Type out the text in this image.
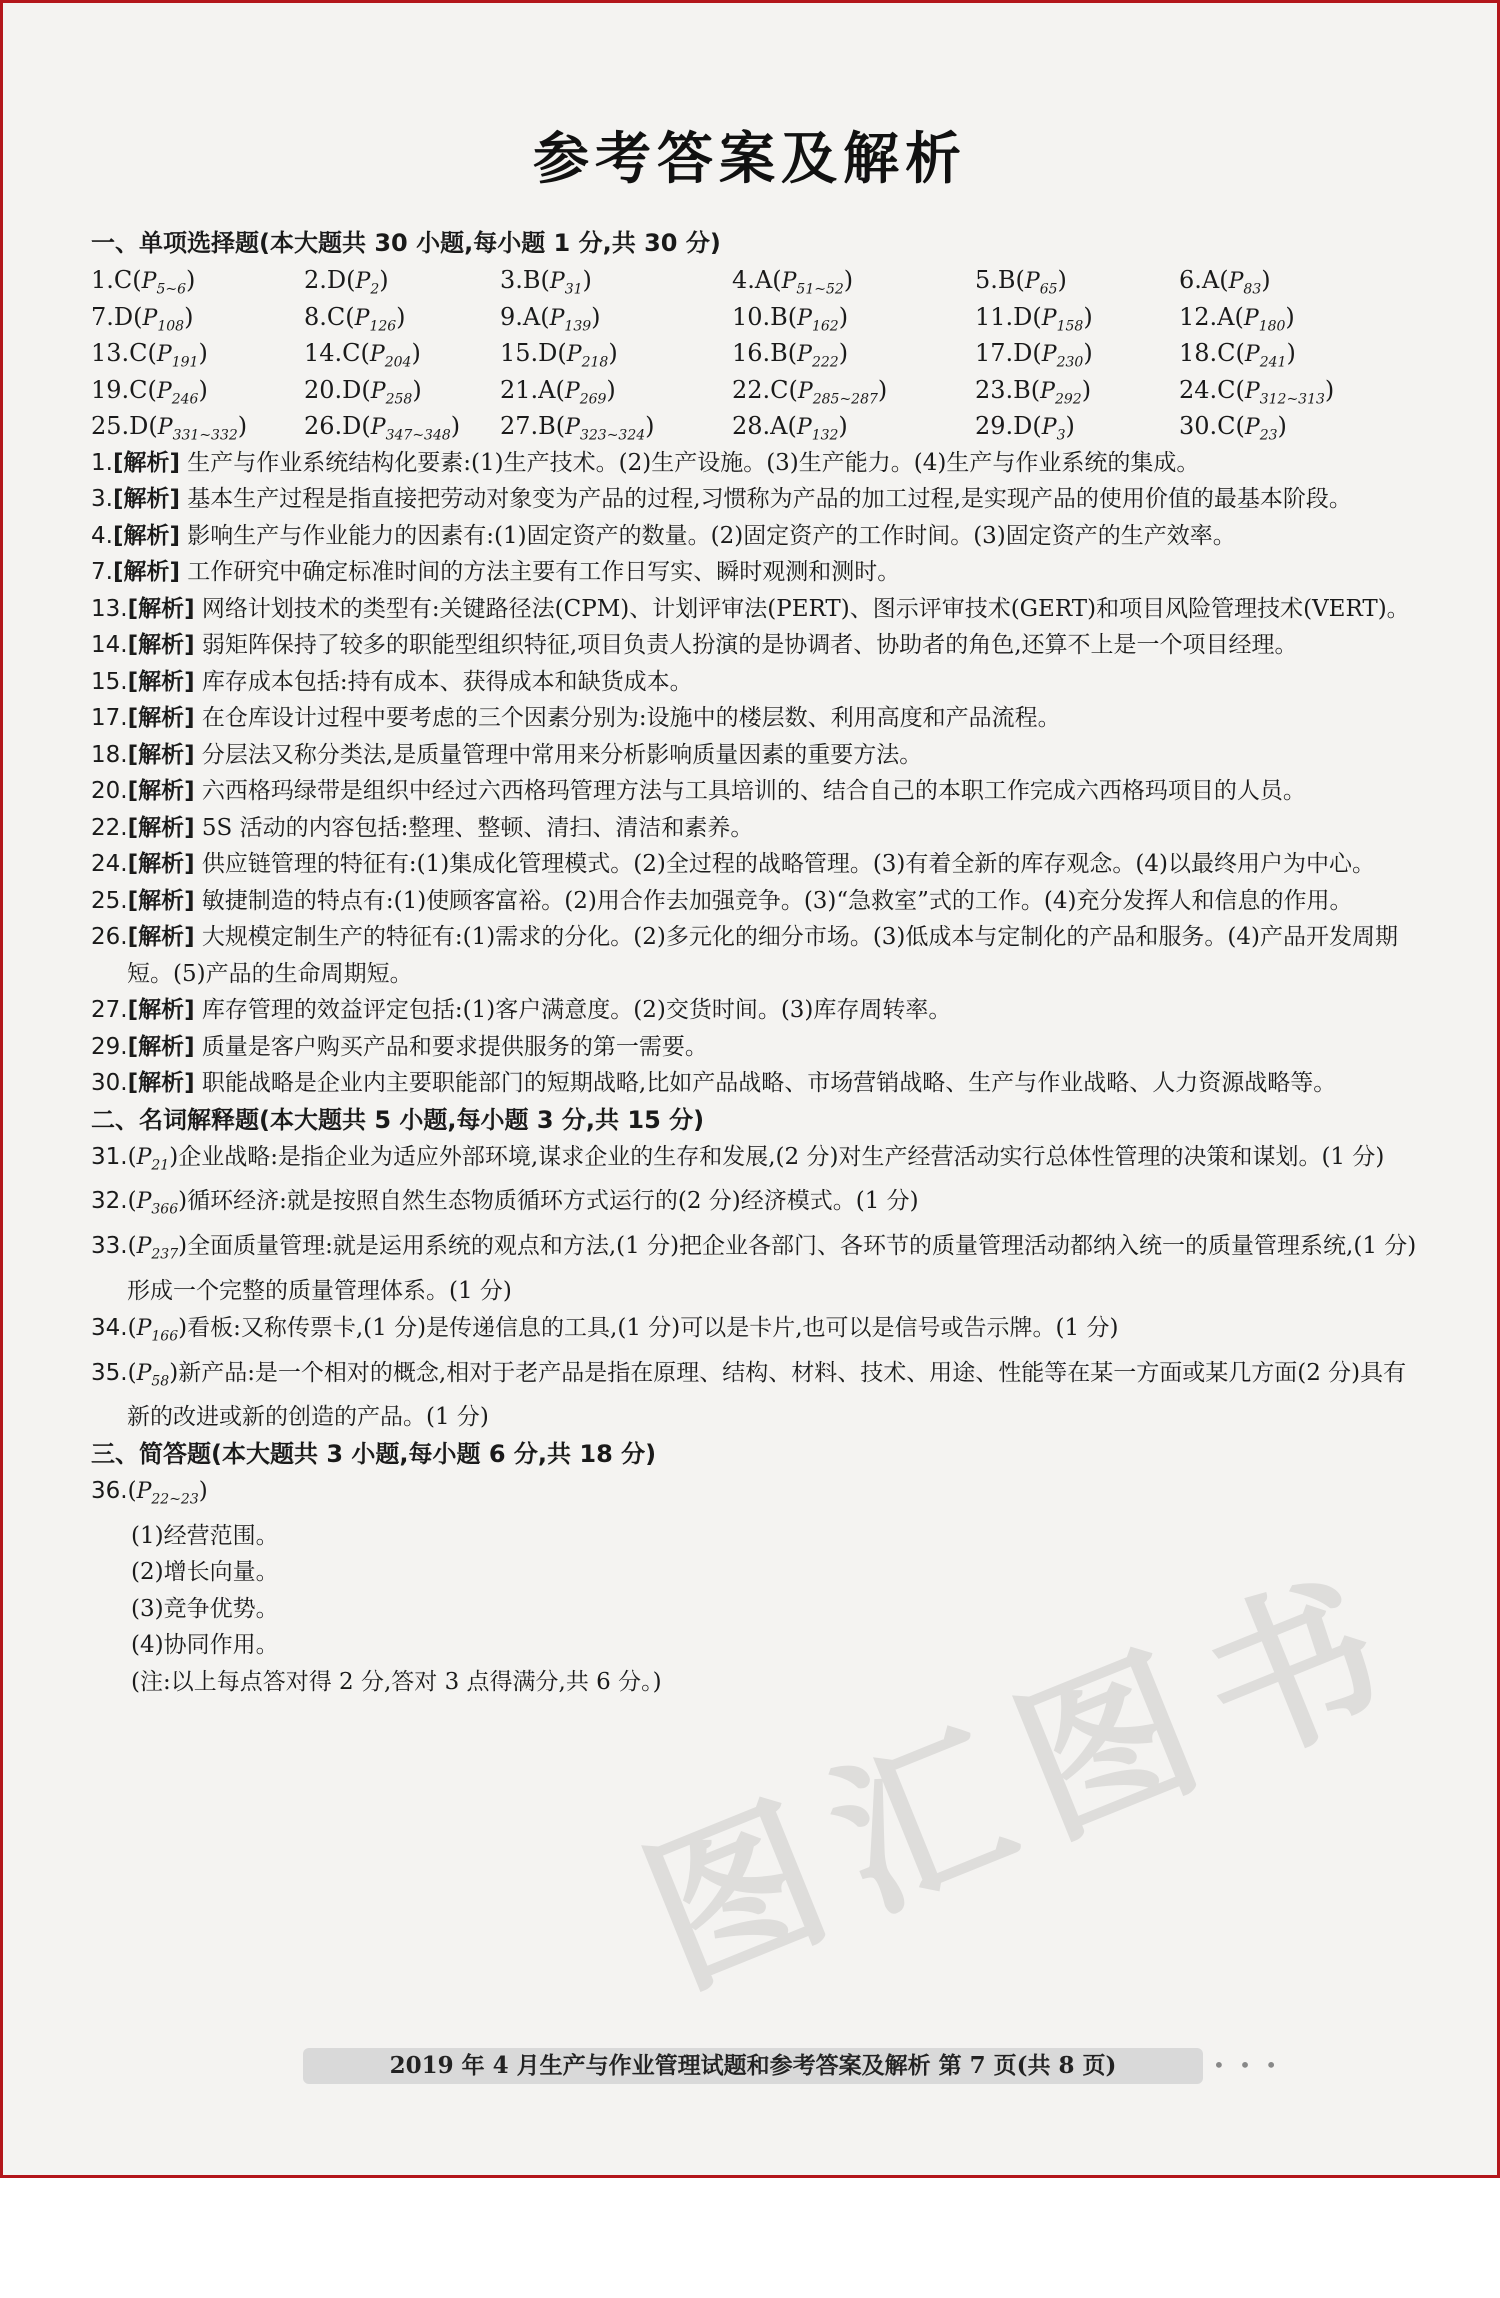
参考答案及解析
一、单项选择题(本大题共 30 小题,每小题 1 分,共 30 分)
$1.C(P_{5\sim 6})$	$2.D(P_2)$	$3.B(P_{31})$	$4.A(P_{51\sim 52})$	$5.B(P_{65})$	$6.A(P_{83})$
$7.D(P_{108})$	$8.C(P_{126})$	$9.A(P_{139})$	$10.B(P_{162})$	$11.D(P_{158})$	$12.A(P_{180})$
$13.C(P_{191})$	$14.C(P_{204})$	$15.D(P_{218})$	$16.B(P_{222})$	$17.D(P_{230})$	$18.C(P_{241})$
$19.C(P_{246})$	$20.D(P_{258})$	$21.A(P_{269})$	$22.C(P_{285\sim 287})$	$23.B(P_{292})$	$24.C(P_{312\sim 313})$
$25.D(P_{331\sim 332})$	$26.D(P_{347\sim 348})$	$27.B(P_{323\sim 324})$	$28.A(P_{132})$	$29.D(P_3)$	$30.C(P_{23})$
1.[解析] 生产与作业系统结构化要素:(1)生产技术。(2)生产设施。(3)生产能力。(4)生产与作业系统的集成。
3.[解析] 基本生产过程是指直接把劳动对象变为产品的过程,习惯称为产品的加工过程,是实现产品的使用价值的最基本阶段。
4.[解析] 影响生产与作业能力的因素有:(1)固定资产的数量。(2)固定资产的工作时间。(3)固定资产的生产效率。
7.[解析] 工作研究中确定标准时间的方法主要有工作日写实、瞬时观测和测时。
13.[解析] 网络计划技术的类型有:关键路径法(CPM)、计划评审法(PERT)、图示评审技术(GERT)和项目风险管理技术(VERT)。
14.[解析] 弱矩阵保持了较多的职能型组织特征,项目负责人扮演的是协调者、协助者的角色,还算不上是一个项目经理。
15.[解析] 库存成本包括:持有成本、获得成本和缺货成本。
17.[解析] 在仓库设计过程中要考虑的三个因素分别为:设施中的楼层数、利用高度和产品流程。
18.[解析] 分层法又称分类法,是质量管理中常用来分析影响质量因素的重要方法。
20.[解析] 六西格玛绿带是组织中经过六西格玛管理方法与工具培训的、结合自己的本职工作完成六西格玛项目的人员。
22.[解析] 5S 活动的内容包括:整理、整顿、清扫、清洁和素养。
24.[解析] 供应链管理的特征有:(1)集成化管理模式。(2)全过程的战略管理。(3)有着全新的库存观念。(4)以最终用户为中心。
25.[解析] 敏捷制造的特点有:(1)使顾客富裕。(2)用合作去加强竞争。(3)“急救室”式的工作。(4)充分发挥人和信息的作用。
26.[解析] 大规模定制生产的特征有:(1)需求的分化。(2)多元化的细分市场。(3)低成本与定制化的产品和服务。(4)产品开发周期短。(5)产品的生命周期短。
27.[解析] 库存管理的效益评定包括:(1)客户满意度。(2)交货时间。(3)库存周转率。
29.[解析] 质量是客户购买产品和要求提供服务的第一需要。
30.[解析] 职能战略是企业内主要职能部门的短期战略,比如产品战略、市场营销战略、生产与作业战略、人力资源战略等。
二、名词解释题(本大题共 5 小题,每小题 3 分,共 15 分)
$31.(P_{21})$企业战略:是指企业为适应外部环境,谋求企业的生存和发展,(2 分)对生产经营活动实行总体性管理的决策和谋划。(1 分)
$32.(P_{366})$循环经济:就是按照自然生态物质循环方式运行的(2 分)经济模式。(1 分)
$33.(P_{237})$全面质量管理:就是运用系统的观点和方法,(1 分)把企业各部门、各环节的质量管理活动都纳入统一的质量管理系统,(1 分)形成一个完整的质量管理体系。(1 分)
$34.(P_{166})$看板:又称传票卡,(1 分)是传递信息的工具,(1 分)可以是卡片,也可以是信号或告示牌。(1 分)
$35.(P_{58})$新产品:是一个相对的概念,相对于老产品是指在原理、结构、材料、技术、用途、性能等在某一方面或某几方面(2 分)具有新的改进或新的创造的产品。(1 分)
三、简答题(本大题共 3 小题,每小题 6 分,共 18 分)
$36.(P_{22\sim 23})$
(1)经营范围。
(2)增长向量。
(3)竞争优势。
(4)协同作用。
(注:以上每点答对得 2 分,答对 3 点得满分,共 6 分。)
图汇图书
2019 年 4 月生产与作业管理试题和参考答案及解析 第 7 页(共 8 页)	• • •
